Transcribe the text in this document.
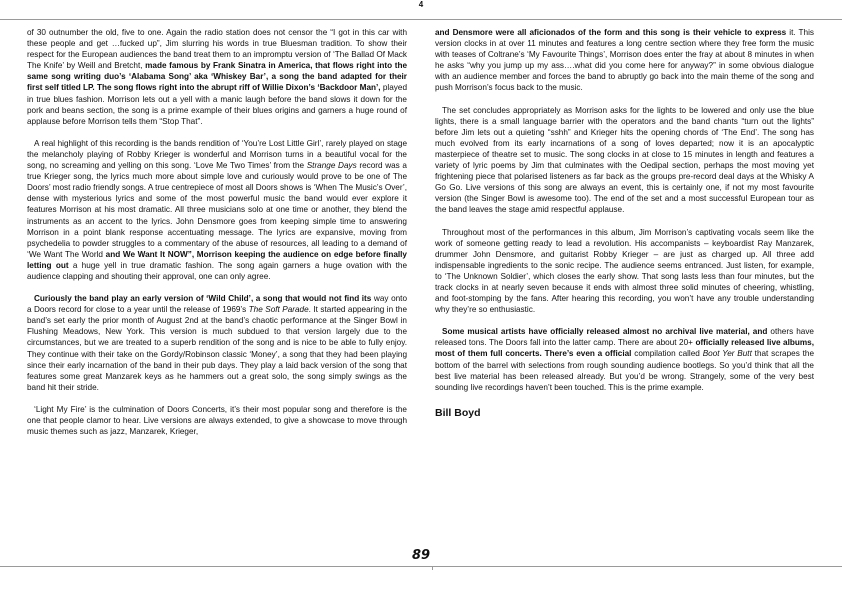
4

of 30 outnumber the old, five to one. Again the radio station does not censor the “I got in this car with these people and get …fucked up”, Jim slurring his words in true Bluesman tradition. To show their respect for the European audiences the band treat them to an impromptu version of ‘The Ballad Of Mack The Knife’ by Weill and Bretcht, made famous by Frank Sinatra in America, that flows right into the same song writing duo’s ‘Alabama Song’ aka ‘Whiskey Bar’, a song the band adapted for their first self titled LP. The song flows right into the abrupt riff of Willie Dixon’s ‘Backdoor Man’, played in true blues fashion. Morrison lets out a yell with a manic laugh before the band slows it down for the pork and beans section, the song is a prime example of their blues origins and garners a huge round of applause before Morrison tells them “Stop That”.

A real highlight of this recording is the bands rendition of ‘You’re Lost Little Girl’, rarely played on stage the melancholy playing of Robby Krieger is wonderful and Morrison turns in a beautiful vocal for the song, no screaming and yelling on this song. ‘Love Me Two Times’ from the Strange Days record was a true Krieger song, the lyrics much more about simple love and curiously would prove to be one of The Doors’ most radio friendly songs. A true centrepiece of most all Doors shows is ‘When The Music’s Over’, dense with mysterious lyrics and some of the most powerful music the band would ever explore it features Morrison at his most dramatic. All three musicians solo at one time or another, they blend the instruments as an accent to the lyrics. John Densmore goes from keeping simple time to answering Morrison in a point blank response accentuating message. The lyrics are expansive, moving from psychedelia to powder struggles to a commentary of the abuse of resources, all leading to a demand of ‘We Want The World and We Want It NOW”, Morrison keeping the audience on edge before finally letting out a huge yell in true dramatic fashion. The song again garners a huge ovation with the audience clapping and shouting their approval, one can only agree.

Curiously the band play an early version of ‘Wild Child’, a song that would not find its way onto a Doors record for close to a year until the release of 1969’s The Soft Parade. It started appearing in the band’s set early the prior month of August 2nd at the band’s chaotic performance at the Singer Bowl in Flushing Meadows, New York. This version is much subdued to that version largely due to the circumstances, but we are treated to a superb rendition of the song and is nice to be able to fully enjoy. They continue with their take on the Gordy/Robinson classic ‘Money’, a song that they had been playing since their early incarnation of the band in their pub days. They play a laid back version of the song that features some great Manzarek keys as he hammers out a great solo, the song simply swings as the band hit their stride.

‘Light My Fire’ is the culmination of Doors Concerts, it’s their most popular song and therefore is the one that people clamor to hear. Live versions are always extended, to give a showcase to move through music themes such as jazz, Manzarek, Krieger,

and Densmore were all aficionados of the form and this song is their vehicle to express it. This version clocks in at over 11 minutes and features a long centre section where they free form the music with teases of Coltrane’s ‘My Favourite Things’, Morrison does enter the fray at about 8 minutes in when he asks “why you jump up my ass….what did you come here for anyway?” in some obvious dialogue with an audience member and forces the band to abruptly go back into the main theme of the song and push Morrison’s focus back to the music.

The set concludes appropriately as Morrison asks for the lights to be lowered and only use the blue lights, there is a small language barrier with the operators and the band chants “turn out the lights” before Jim lets out a quieting “sshh” and Krieger hits the opening chords of ‘The End’. The song has much evolved from its early incarnations of a song of loves departed; now it is an apocalyptic masterpiece of theatre set to music. The song clocks in at close to 15 minutes in length and features a variety of lyric poems by Jim that culminates with the Oedipal section, perhaps the most moving yet frightening piece that polarised listeners as far back as the groups pre-record deal days at the Whisky A Go Go. Live versions of this song are always an event, this is certainly one, if not my most favourite version (the Singer Bowl is awesome too). The end of the set and a most successful European tour as the band leaves the stage amid respectful applause.

Throughout most of the performances in this album, Jim Morrison’s captivating vocals seem like the work of someone getting ready to lead a revolution. His accompanists – keyboardist Ray Manzarek, drummer John Densmore, and guitarist Robby Krieger – are just as charged up. All three add indispensable ingredients to the sonic recipe. The audience seems entranced. Just listen, for example, to ‘The Unknown Soldier’, which closes the early show. That song lasts less than four minutes, but the track clocks in at nearly seven because it ends with almost three solid minutes of cheering, whistling, and foot-stomping by the fans. After hearing this recording, you won’t have any trouble understanding why they’re so enthusiastic.

Some musical artists have officially released almost no archival live material, and others have released tons. The Doors fall into the latter camp. There are about 20+ officially released live albums, most of them full concerts. There’s even a official compilation called Boot Yer Butt that scrapes the bottom of the barrel with selections from rough sounding audience bootlegs. So you’d think that all the best live material has been released already. But you’d be wrong. Strangely, some of the very best sounding live recordings haven’t been touched. This is the prime example.

Bill Boyd
89
